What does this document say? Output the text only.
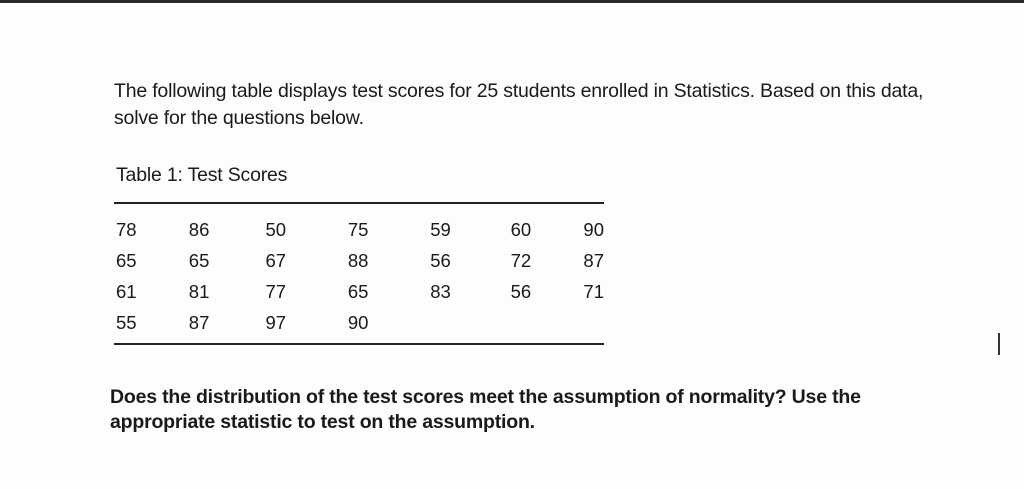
The following table displays test scores for 25 students enrolled in Statistics. Based on this data, solve for the questions below.

Table 1: Test Scores

78	86	50	75	59	60	90
65	65	67	88	56	72	87
61	81	77	65	83	56	71
55	87	97	90			

Does the distribution of the test scores meet the assumption of normality? Use the appropriate statistic to test on the assumption.
